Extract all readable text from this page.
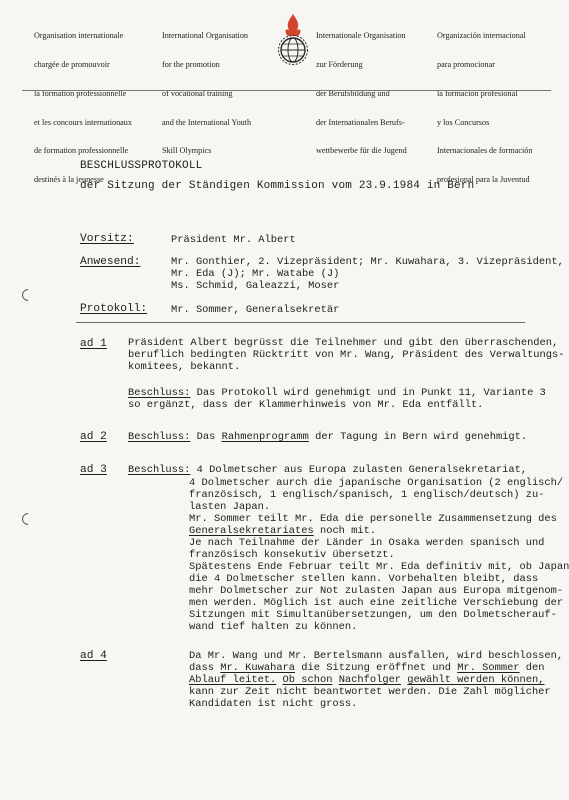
Organisation internationale

chargée de promouvoir

la formation professionnelle

et les concours internationaux

de formation professionnelle

destinés à la jeunesse

International Organisation

for the promotion

of vocational training

and the International Youth

Skill Olympics

Internationale Organisation

zur Förderung

der Berufsbildung und

der Internationalen Berufs-

wettbewerbe für die Jugend

Organización internacional

para promocionar

la formación profesional

y los Concursos

Internacionales de formación

profesional para la Juventud

BESCHLUSSPROTOKOLL
der Sitzung der Ständigen Kommission vom 23.9.1984 in Bern
Vorsitz:	Präsident Mr. Albert
Anwesend:	Mr. Gonthier, 2. Vizepräsident; Mr. Kuwahara, 3. Vizepräsident,
Mr. Eda (J); Mr. Watabe (J)
Ms. Schmid, Galeazzi, Moser
Protokoll: Mr. Sommer, Generalsekretär
ad 1 Präsident Albert begrüsst die Teilnehmer und gibt den überraschenden,
beruflich bedingten Rücktritt von Mr. Wang, Präsident des Verwaltungs-
komitees, bekannt.
Beschluss: Das Protokoll wird genehmigt und in Punkt 11, Variante 3
so ergänzt, dass der Klammerhinweis von Mr. Eda entfällt.
ad 2 Beschluss: Das Rahmenprogramm der Tagung in Bern wird genehmigt.
ad 3 Beschluss: 4 Dolmetscher aus Europa zulasten Generalsekretariat,
4 Dolmetscher aurch die japanische Organisation (2 englisch/
französisch, 1 englisch/spanisch, 1 englisch/deutsch) zu-
lasten Japan.
Mr. Sommer teilt Mr. Eda die personelle Zusammensetzung des
Generalsekretariates noch mit.
Je nach Teilnahme der Länder in Osaka werden spanisch und
französisch konsekutiv übersetzt.
Spätestens Ende Februar teilt Mr. Eda definitiv mit, ob Japan
die 4 Dolmetscher stellen kann. Vorbehalten bleibt, dass
mehr Dolmetscher zur Not zulasten Japan aus Europa mitgenom-
men werden. Möglich ist auch eine zeitliche Verschiebung der
Sitzungen mit Simultanübersetzungen, um den Dolmetscherauf-
wand tief halten zu können.
ad 4	Da Mr. Wang und Mr. Bertelsmann ausfallen, wird beschlossen,
dass Mr. Kuwahara die Sitzung eröffnet und Mr. Sommer den
Ablauf leitet. Ob schon Nachfolger gewählt werden können,
kann zur Zeit nicht beantwortet werden. Die Zahl möglicher
Kandidaten ist nicht gross.
